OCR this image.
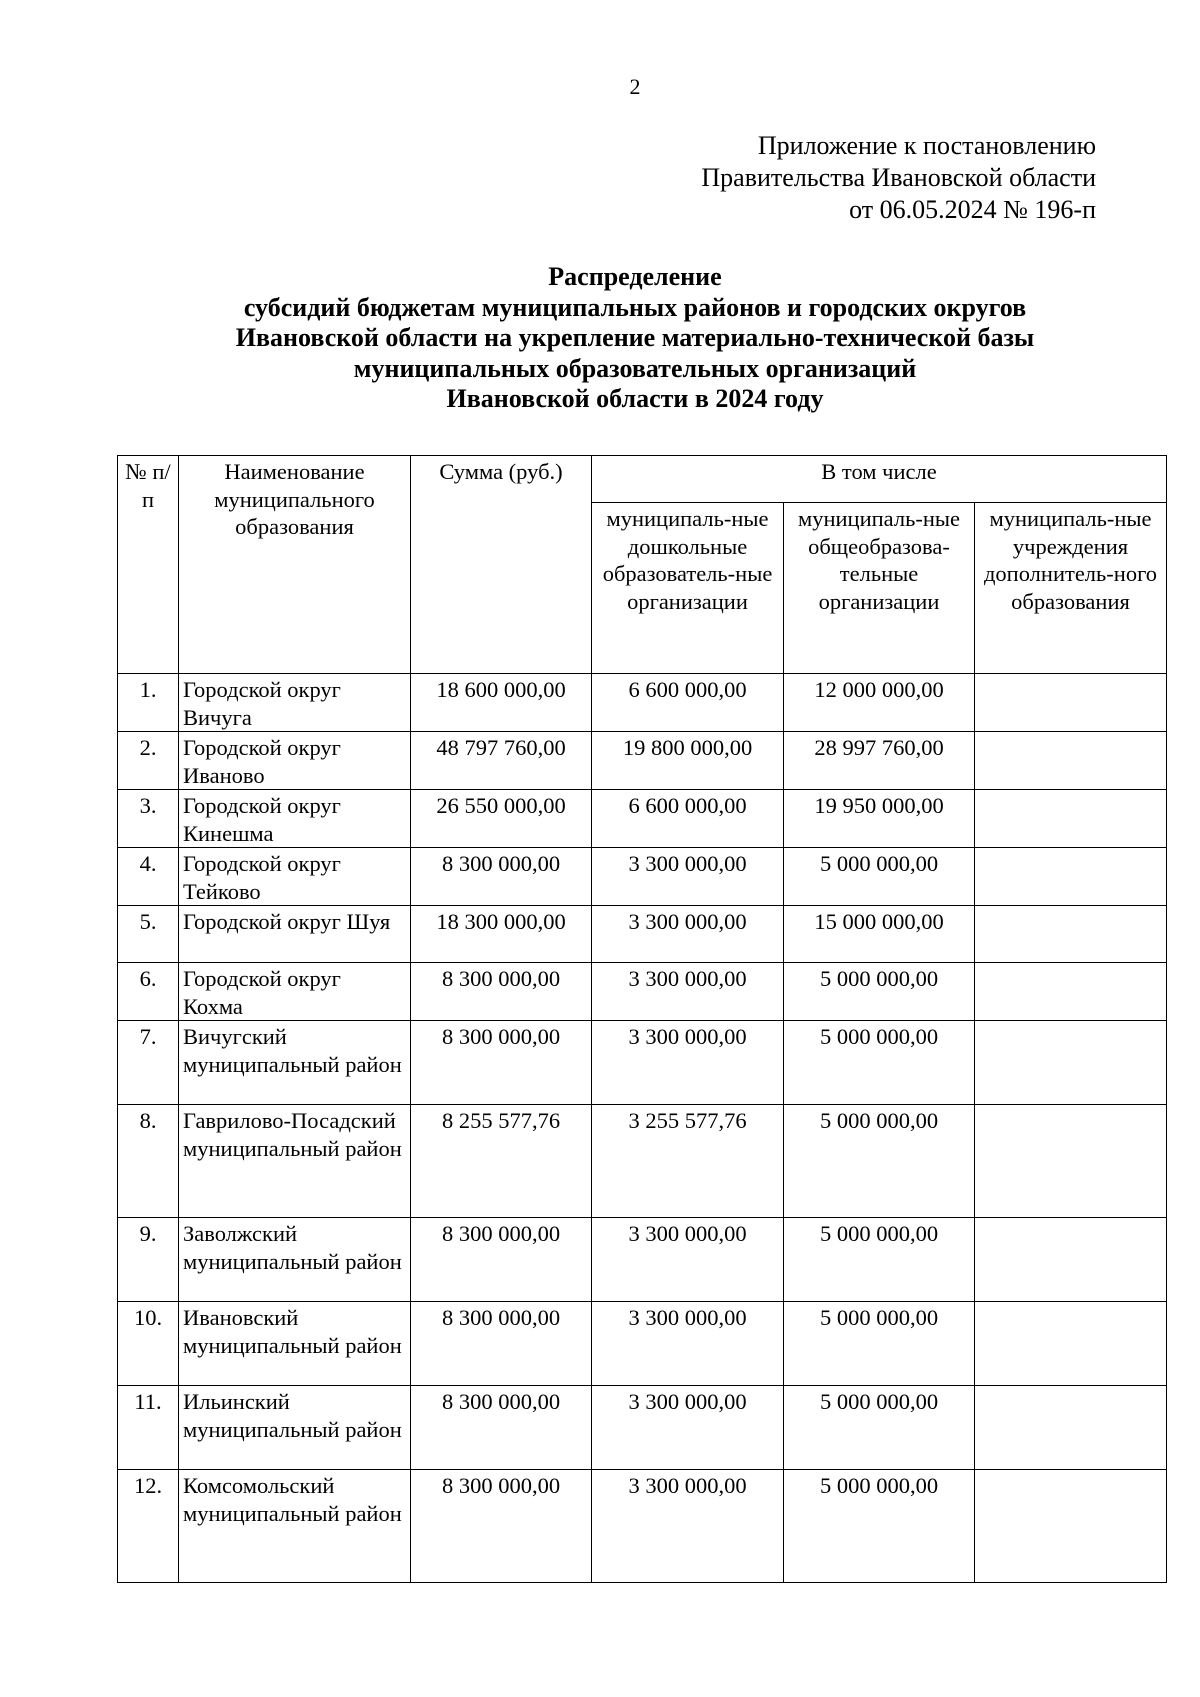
2
Приложение к постановлению
Правительства Ивановской области
от 06.05.2024 № 196-п
Распределение
субсидий бюджетам муниципальных районов и городских округов
Ивановской области на укрепление материально-технической базы
муниципальных образовательных организаций
Ивановской области в 2024 году
№ п/п	Наименование муниципального образования	Сумма (руб.)	В том числе		
			муниципаль-ные дошкольные образователь-ные организации	муниципаль-ные общеобразова-тельные организации	муниципаль-ные учреждения дополнитель-ного образования
1.	Городской округ Вичуга	18 600 000,00	6 600 000,00	12 000 000,00	
2.	Городской округ Иваново	48 797 760,00	19 800 000,00	28 997 760,00	
3.	Городской округ Кинешма	26 550 000,00	6 600 000,00	19 950 000,00	
4.	Городской округ Тейково	8 300 000,00	3 300 000,00	5 000 000,00	
5.	Городской округ Шуя	18 300 000,00	3 300 000,00	15 000 000,00	
6.	Городской округ Кохма	8 300 000,00	3 300 000,00	5 000 000,00	
7.	Вичугский муниципальный район	8 300 000,00	3 300 000,00	5 000 000,00	
8.	Гаврилово-Посадский муниципальный район	8 255 577,76	3 255 577,76	5 000 000,00	
9.	Заволжский муниципальный район	8 300 000,00	3 300 000,00	5 000 000,00	
10.	Ивановский муниципальный район	8 300 000,00	3 300 000,00	5 000 000,00	
11.	Ильинский муниципальный район	8 300 000,00	3 300 000,00	5 000 000,00	
12.	Комсомольский муниципальный район	8 300 000,00	3 300 000,00	5 000 000,00	
